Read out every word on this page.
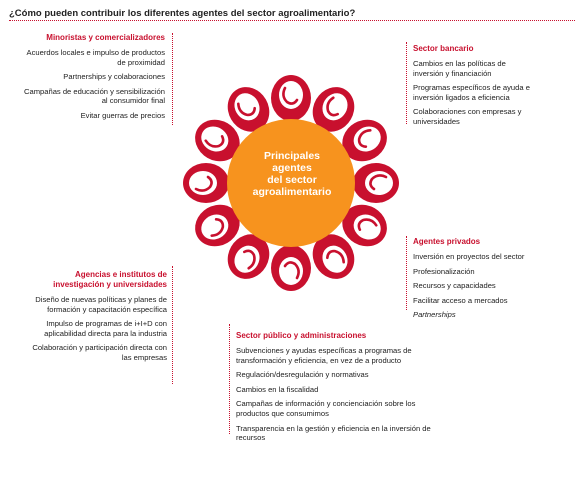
¿Cómo pueden contribuir los diferentes agentes del sector agroalimentario?
Principales
agentes
del sector
agroalimentario
Minoristas y comercializadores
Acuerdos locales e impulso de productos de proximidad
Partnerships y colaboraciones
Campañas de educación y sensibilización al consumidor final
Evitar guerras de precios
Sector bancario
Cambios en las políticas de inversión y financiación
Programas específicos de ayuda e inversión ligados a eficiencia
Colaboraciones con empresas y universidades
Agentes privados
Inversión en proyectos del sector
Profesionalización
Recursos y capacidades
Facilitar acceso a mercados
Partnerships
Agencias e institutos de investigación y universidades
Diseño de nuevas políticas y planes de formación y capacitación específica
Impulso de programas de i+I+D con aplicabilidad directa para la industria
Colaboración y participación directa con las empresas
Sector público y administraciones
Subvenciones y ayudas específicas a programas de transformación y eficiencia, en vez de a producto
Regulación/desregulación y normativas
Cambios en la fiscalidad
Campañas de información y concienciación sobre los productos que consumimos
Transparencia en la gestión y eficiencia en la inversión de recursos
